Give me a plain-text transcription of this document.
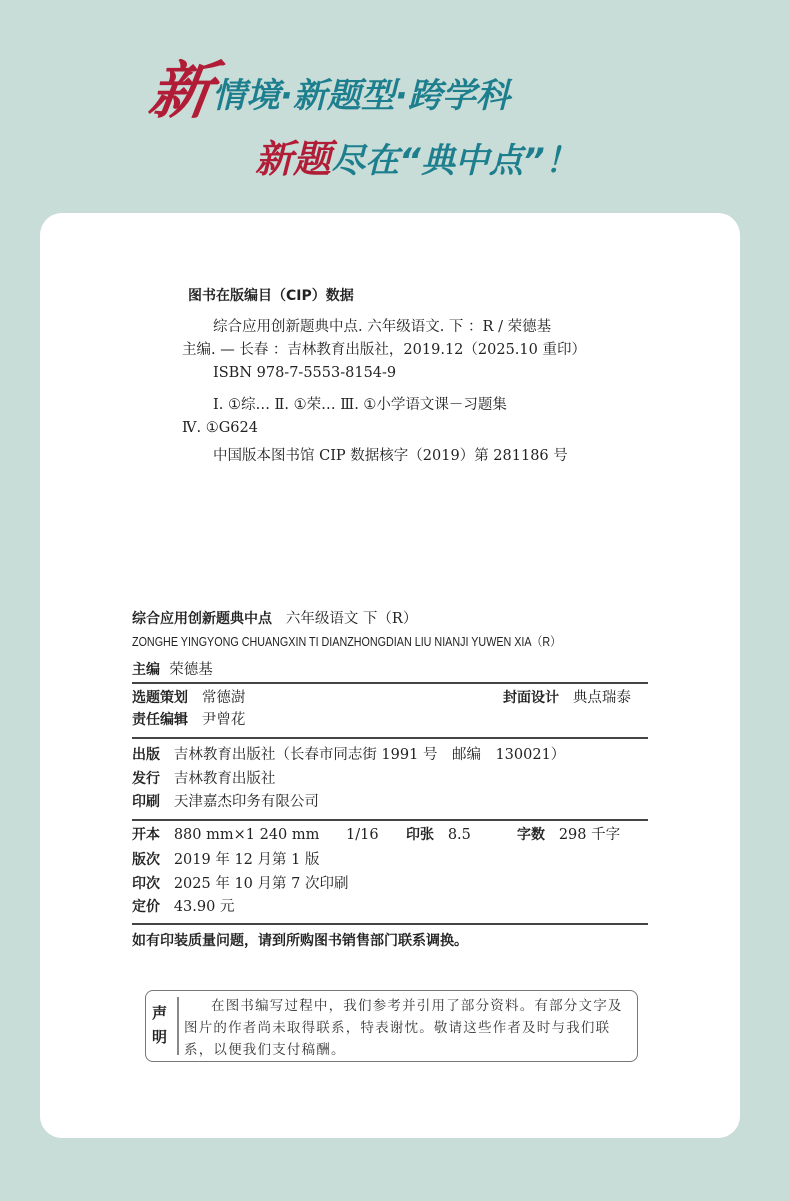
新情境·新题型·跨学科
新题尽在“典中点”！
图书在版编目（CIP）数据
综合应用创新题典中点. 六年级语文. 下 ：R / 荣德基
主编. — 长春 ：吉林教育出版社，2019.12（2025.10 重印）
ISBN 978-7-5553-8154-9
Ⅰ. ①综… Ⅱ. ①荣… Ⅲ. ①小学语文课－习题集
Ⅳ. ①G624
中国版本图书馆 CIP 数据核字（2019）第 281186 号
综合应用创新题典中点 六年级语文 下（R）
ZONGHE YINGYONG CHUANGXIN TI DIANZHONGDIAN LIU NIANJI YUWEN XIA（R）
主编 荣德基
选题策划 常德澍	封面设计 典点瑞泰
责任编辑 尹曾花
出版 吉林教育出版社（长春市同志街 1991 号　邮编　130021）
发行 吉林教育出版社
印刷 天津嘉杰印务有限公司
开本 880 mm×1 240 mm 1/16 印张 8.5	字数 298 千字
版次 2019 年 12 月第 1 版
印次 2025 年 10 月第 7 次印刷
定价 43.90 元
如有印装质量问题，请到所购图书销售部门联系调换。
声明
在图书编写过程中，我们参考并引用了部分资料。有部分文字及图片的作者尚未取得联系，特表谢忱。敬请这些作者及时与我们联系，以便我们支付稿酬。
